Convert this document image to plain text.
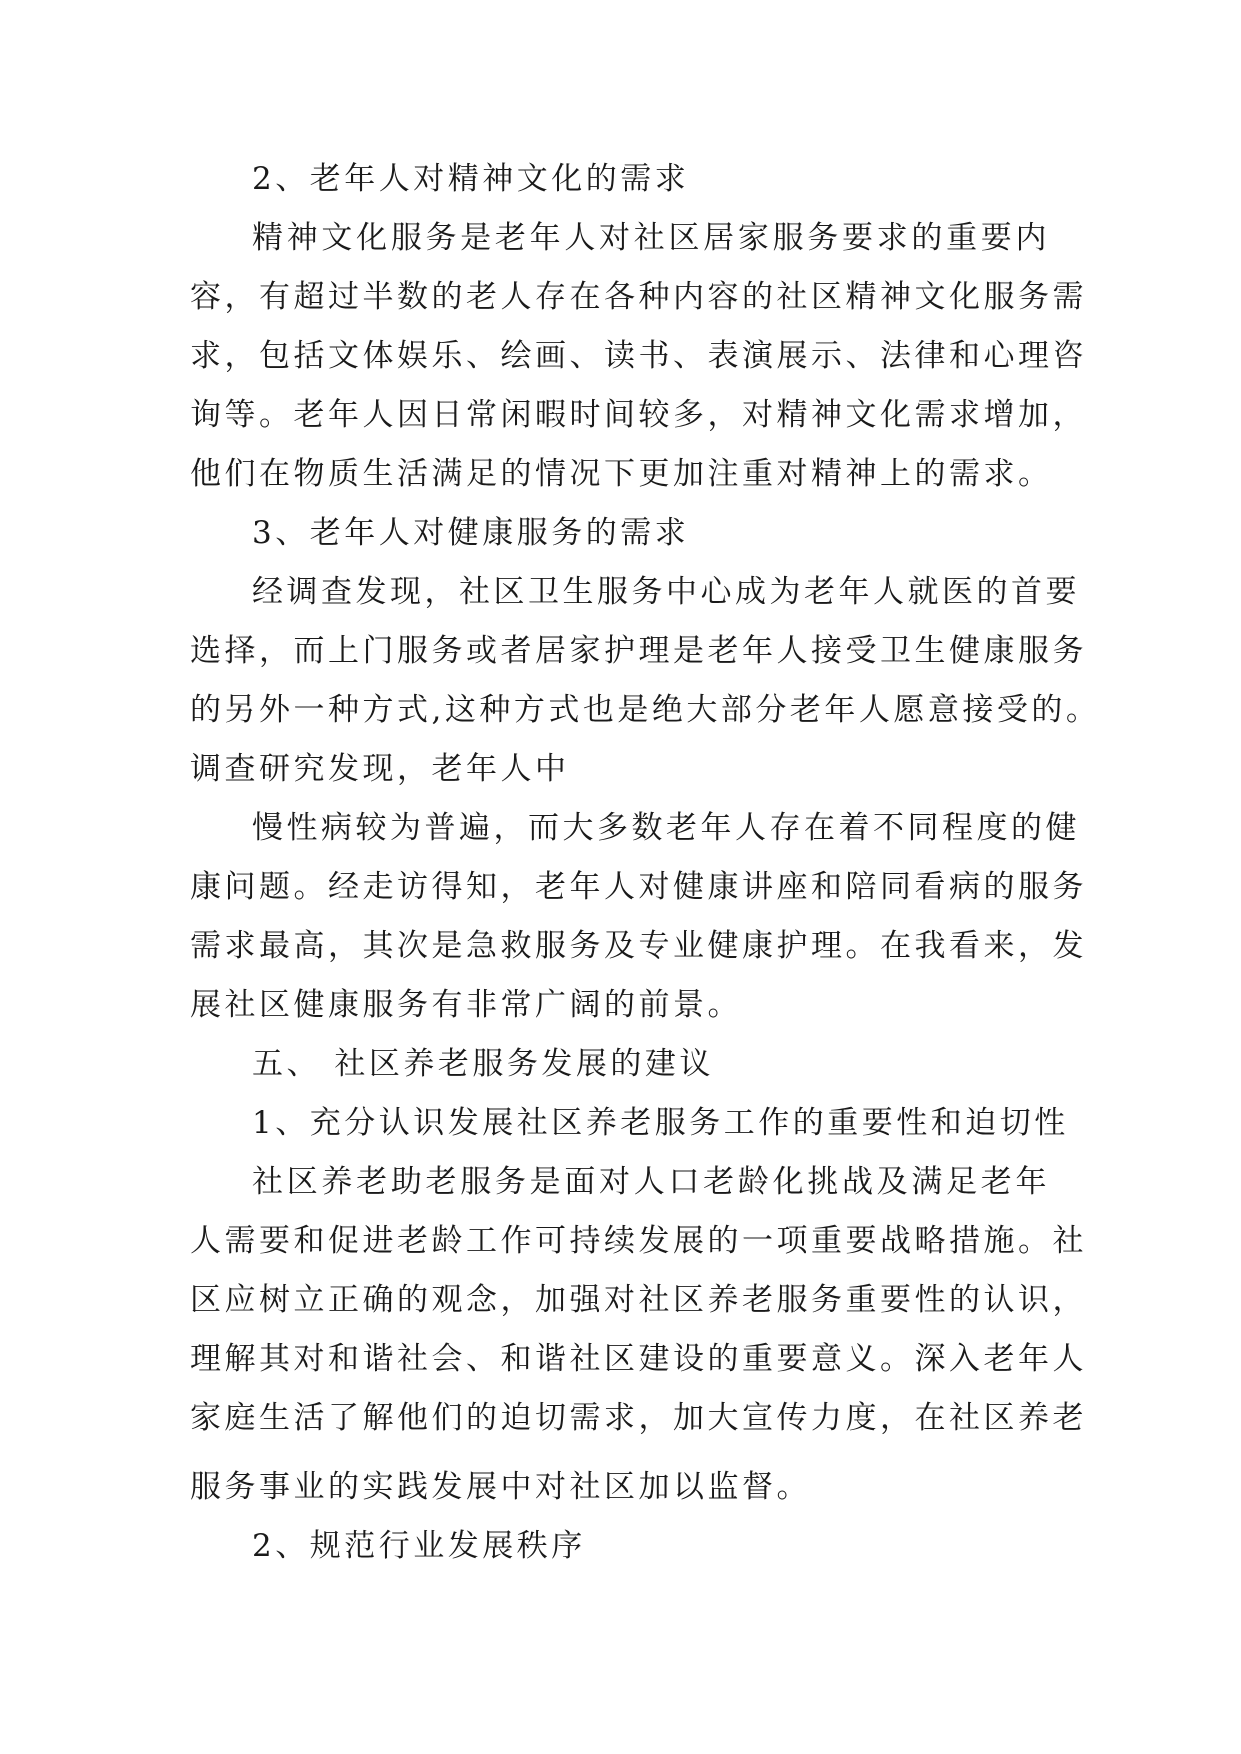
2、老年人对精神文化的需求
精神文化服务是老年人对社区居家服务要求的重要内
容，有超过半数的老人存在各种内容的社区精神文化服务需
求，包括文体娱乐、绘画、读书、表演展示、法律和心理咨
询等。老年人因日常闲暇时间较多，对精神文化需求增加，
他们在物质生活满足的情况下更加注重对精神上的需求。
3、老年人对健康服务的需求
经调查发现，社区卫生服务中心成为老年人就医的首要
选择，而上门服务或者居家护理是老年人接受卫生健康服务
的另外一种方式,这种方式也是绝大部分老年人愿意接受的。
调查研究发现，老年人中
慢性病较为普遍，而大多数老年人存在着不同程度的健
康问题。经走访得知，老年人对健康讲座和陪同看病的服务
需求最高，其次是急救服务及专业健康护理。在我看来，发
展社区健康服务有非常广阔的前景。
五、 社区养老服务发展的建议
1、充分认识发展社区养老服务工作的重要性和迫切性
社区养老助老服务是面对人口老龄化挑战及满足老年
人需要和促进老龄工作可持续发展的一项重要战略措施。社
区应树立正确的观念，加强对社区养老服务重要性的认识，
理解其对和谐社会、和谐社区建设的重要意义。深入老年人
家庭生活了解他们的迫切需求，加大宣传力度，在社区养老
服务事业的实践发展中对社区加以监督。
2、规范行业发展秩序
